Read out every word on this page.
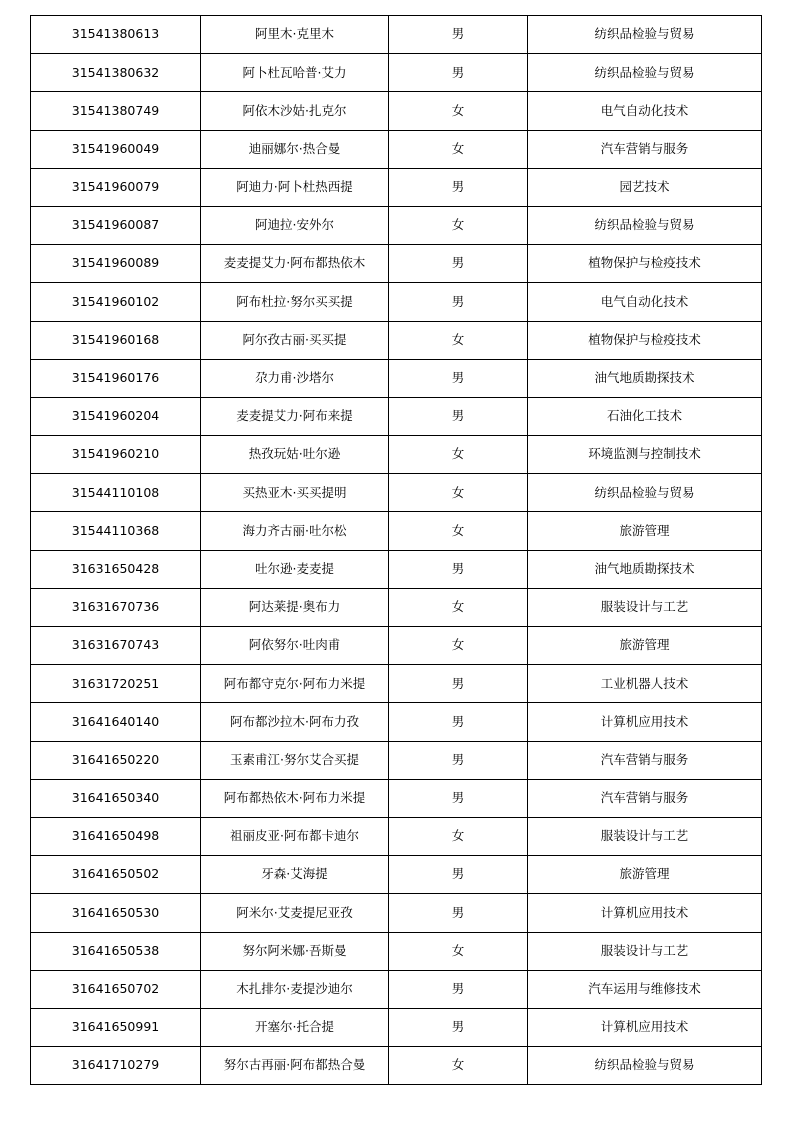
31541380613	阿里木·克里木	男	纺织品检验与贸易
31541380632	阿卜杜瓦哈普·艾力	男	纺织品检验与贸易
31541380749	阿依木沙姑·扎克尔	女	电气自动化技术
31541960049	迪丽娜尔·热合曼	女	汽车营销与服务
31541960079	阿迪力·阿卜杜热西提	男	园艺技术
31541960087	阿迪拉·安外尔	女	纺织品检验与贸易
31541960089	麦麦提艾力·阿布都热依木	男	植物保护与检疫技术
31541960102	阿布杜拉·努尔买买提	男	电气自动化技术
31541960168	阿尔孜古丽·买买提	女	植物保护与检疫技术
31541960176	尕力甫·沙塔尔	男	油气地质勘探技术
31541960204	麦麦提艾力·阿布来提	男	石油化工技术
31541960210	热孜玩姑·吐尔逊	女	环境监测与控制技术
31544110108	买热亚木·买买提明	女	纺织品检验与贸易
31544110368	海力齐古丽·吐尔松	女	旅游管理
31631650428	吐尔逊·麦麦提	男	油气地质勘探技术
31631670736	阿达莱提·奥布力	女	服装设计与工艺
31631670743	阿依努尔·吐肉甫	女	旅游管理
31631720251	阿布都守克尔·阿布力米提	男	工业机器人技术
31641640140	阿布都沙拉木·阿布力孜	男	计算机应用技术
31641650220	玉素甫江·努尔艾合买提	男	汽车营销与服务
31641650340	阿布都热依木·阿布力米提	男	汽车营销与服务
31641650498	祖丽皮亚·阿布都卡迪尔	女	服装设计与工艺
31641650502	牙森·艾海提	男	旅游管理
31641650530	阿米尔·艾麦提尼亚孜	男	计算机应用技术
31641650538	努尔阿米娜·吾斯曼	女	服装设计与工艺
31641650702	木扎排尔·麦提沙迪尔	男	汽车运用与维修技术
31641650991	开塞尔·托合提	男	计算机应用技术
31641710279	努尔古再丽·阿布都热合曼	女	纺织品检验与贸易
